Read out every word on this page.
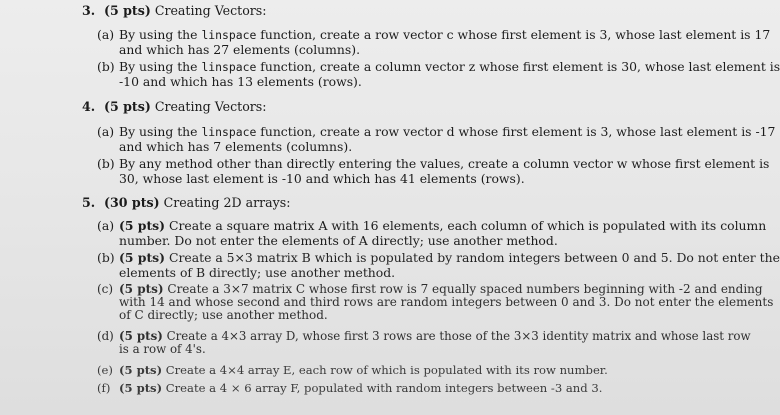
3. (5 pts) Creating Vectors:
(a) By using the linspace function, create a row vector c whose first element is 3, whose last element is 17
and which has 27 elements (columns).
(b) By using the linspace function, create a column vector z whose first element is 30, whose last element is
-10 and which has 13 elements (rows).
4. (5 pts) Creating Vectors:
(a) By using the linspace function, create a row vector d whose first element is 3, whose last element is -17
and which has 7 elements (columns).
(b) By any method other than directly entering the values, create a column vector w whose first element is
30, whose last element is -10 and which has 41 elements (rows).
5. (30 pts) Creating 2D arrays:
(a) (5 pts) Create a square matrix A with 16 elements, each column of which is populated with its column
number. Do not enter the elements of A directly; use another method.
(b) (5 pts) Create a 5×3 matrix B which is populated by random integers between 0 and 5. Do not enter the
elements of B directly; use another method.
(c) (5 pts) Create a 3×7 matrix C whose first row is 7 equally spaced numbers beginning with -2 and ending
with 14 and whose second and third rows are random integers between 0 and 3. Do not enter the elements
of C directly; use another method.
(d) (5 pts) Create a 4×3 array D, whose first 3 rows are those of the 3×3 identity matrix and whose last row
is a row of 4's.
(e) (5 pts) Create a 4×4 array E, each row of which is populated with its row number.
(f) (5 pts) Create a 4 × 6 array F, populated with random integers between -3 and 3.
